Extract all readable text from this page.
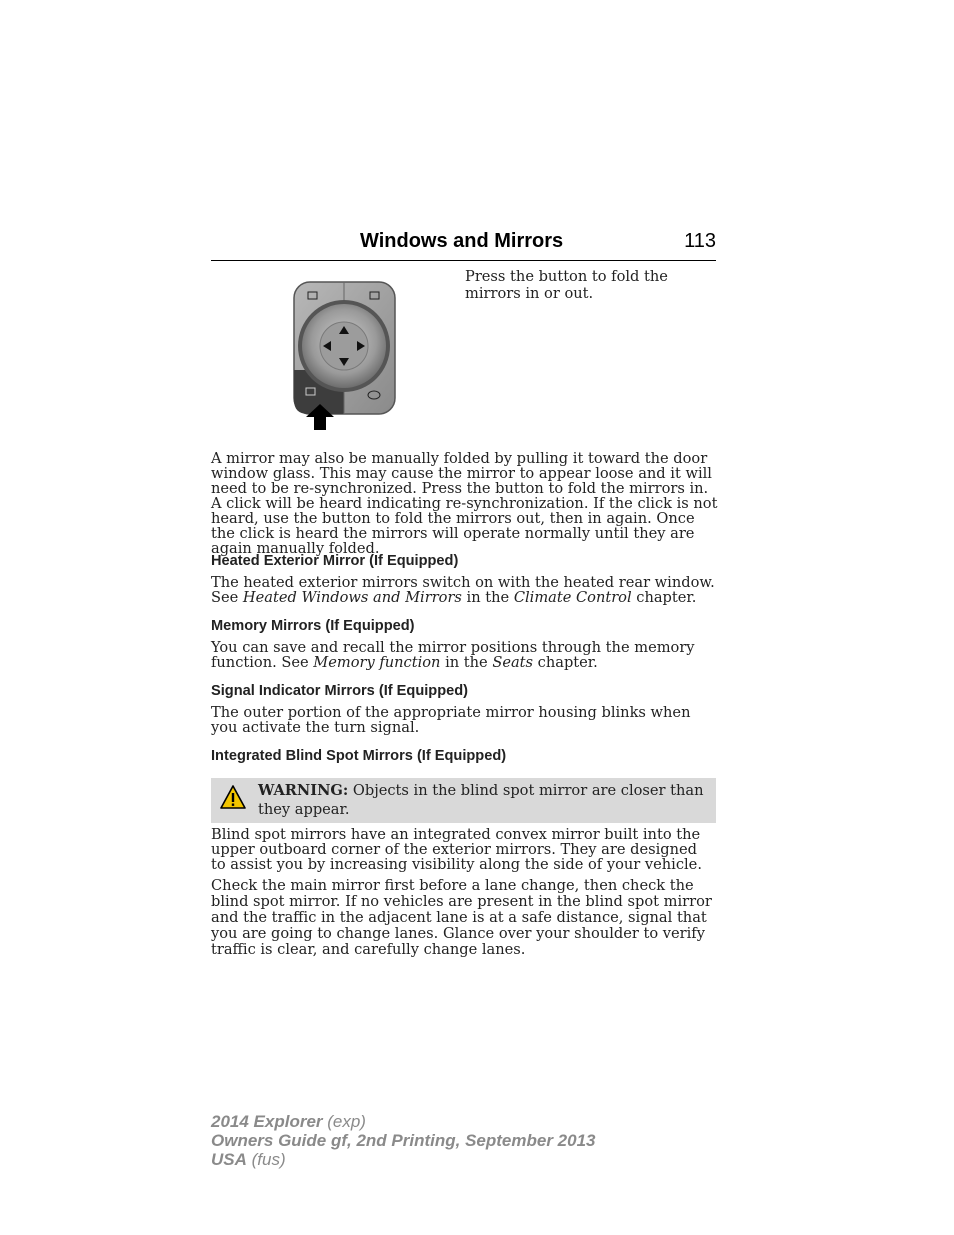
Windows and Mirrors	113
Press the button to fold the mirrors in or out.
A mirror may also be manually folded by pulling it toward the door window glass. This may cause the mirror to appear loose and it will need to be re-synchronized. Press the button to fold the mirrors in. A click will be heard indicating re-synchronization. If the click is not heard, use the button to fold the mirrors out, then in again. Once the click is heard the mirrors will operate normally until they are again manually folded.
Heated Exterior Mirror (If Equipped)
The heated exterior mirrors switch on with the heated rear window. See Heated Windows and Mirrors in the Climate Control chapter.
Memory Mirrors (If Equipped)
You can save and recall the mirror positions through the memory function. See Memory function in the Seats chapter.
Signal Indicator Mirrors (If Equipped)
The outer portion of the appropriate mirror housing blinks when you activate the turn signal.
Integrated Blind Spot Mirrors (If Equipped)
WARNING: Objects in the blind spot mirror are closer than they appear.
Blind spot mirrors have an integrated convex mirror built into the upper outboard corner of the exterior mirrors. They are designed to assist you by increasing visibility along the side of your vehicle.
Check the main mirror first before a lane change, then check the blind spot mirror. If no vehicles are present in the blind spot mirror and the traffic in the adjacent lane is at a safe distance, signal that you are going to change lanes. Glance over your shoulder to verify traffic is clear, and carefully change lanes.
2014 Explorer (exp)
Owners Guide gf, 2nd Printing, September 2013
USA (fus)
